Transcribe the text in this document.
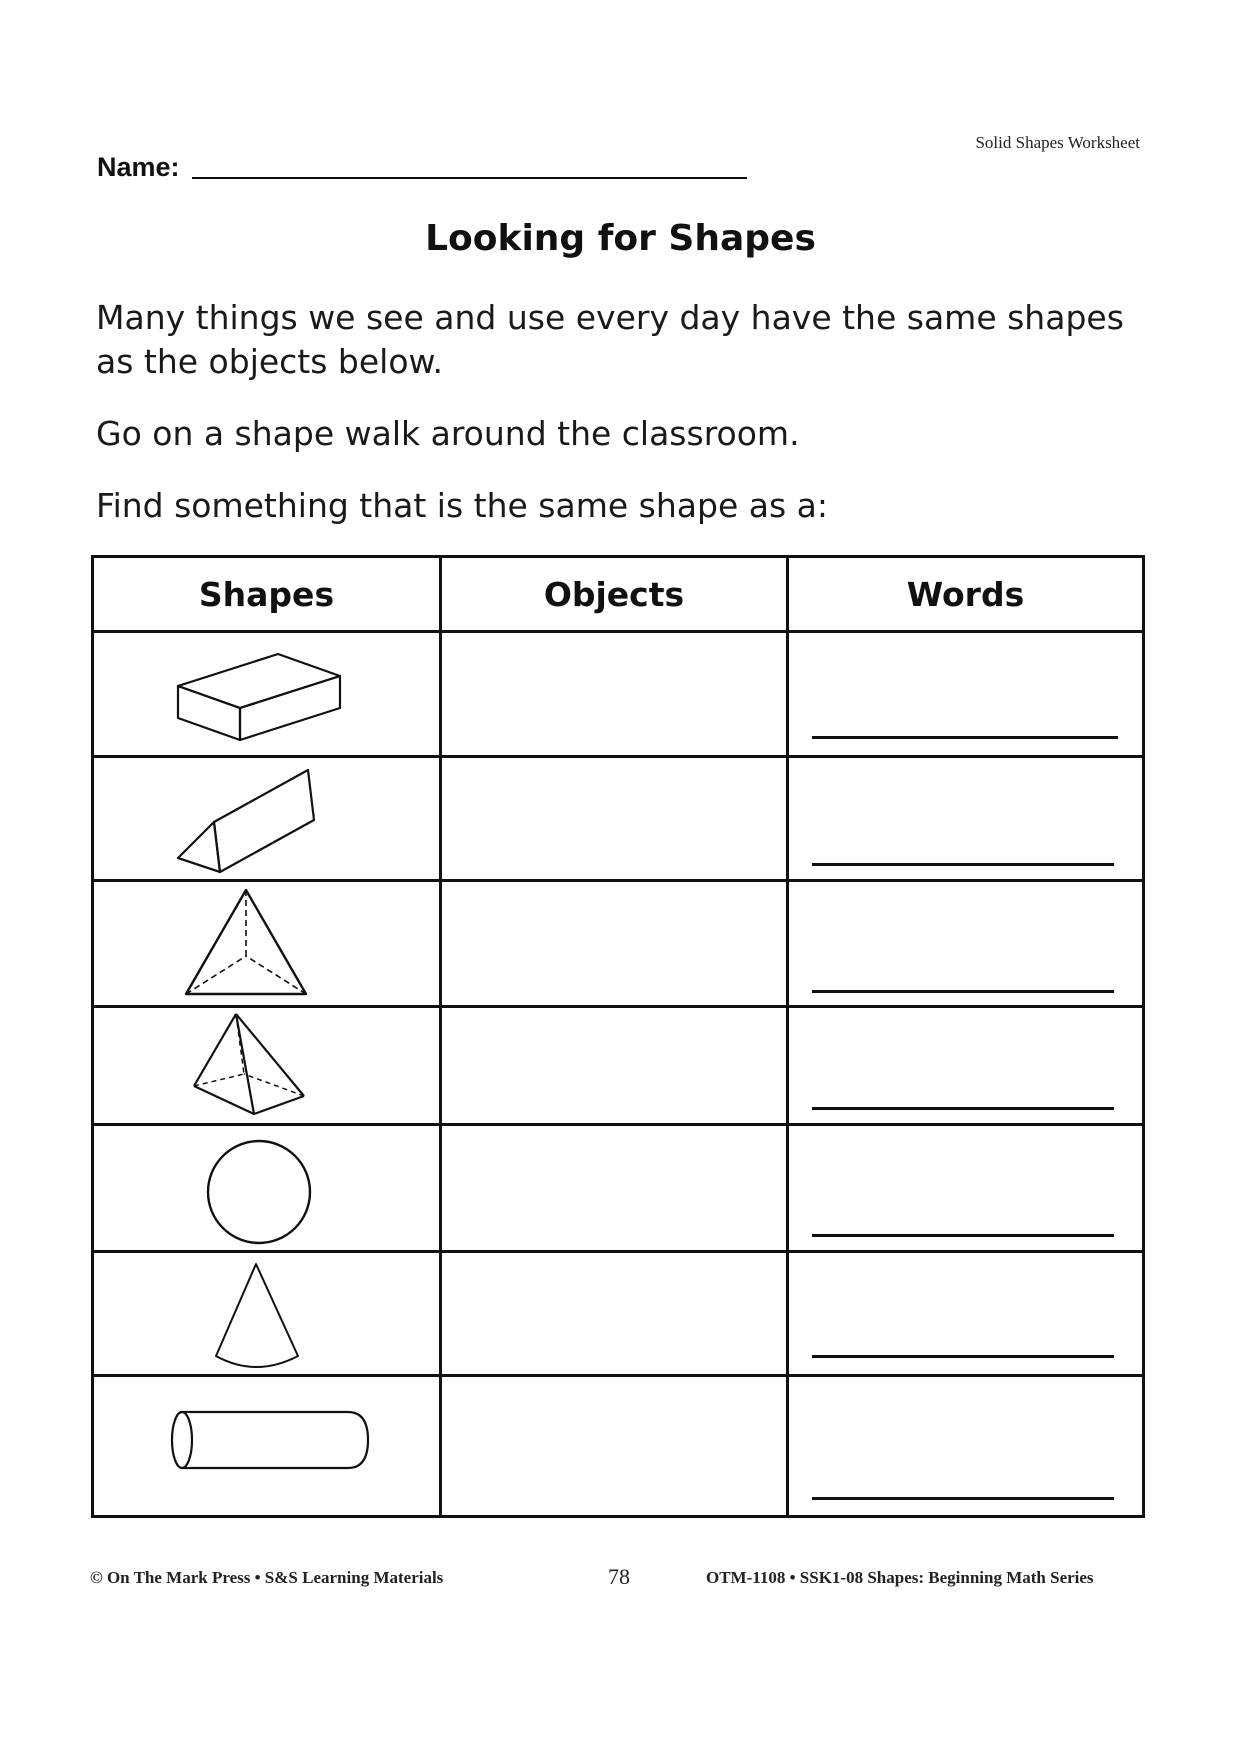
Solid Shapes Worksheet
Name:
Looking for Shapes
Many things we see and use every day have the same shapes as the objects below.
Go on a shape walk around the classroom.
Find something that is the same shape as a:
Shapes	Objects	Words
© On The Mark Press • S&S Learning Materials	78	OTM-1108 • SSK1-08 Shapes: Beginning Math Series
